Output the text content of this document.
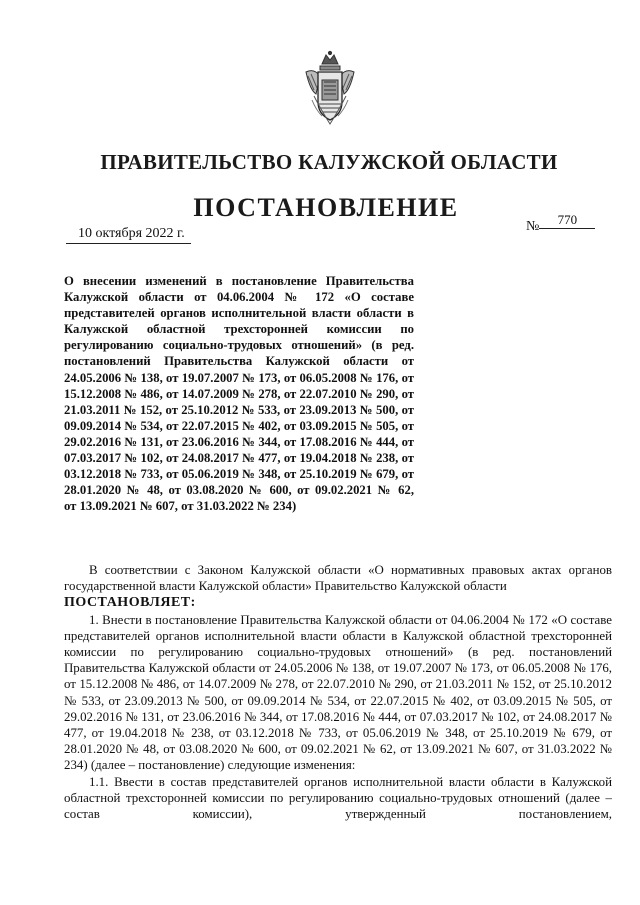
ПРАВИТЕЛЬСТВО КАЛУЖСКОЙ ОБЛАСТИ
ПОСТАНОВЛЕНИЕ
10 октября 2022 г.	№ 770
О внесении изменений в постановление Правительства Калужской области от 04.06.2004 № 172 «О составе представителей органов исполнительной власти области в Калужской областной трехсторонней комиссии по регулированию социально-трудовых отношений» (в ред. постановлений Правительства Калужской области от 24.05.2006 № 138, от 19.07.2007 № 173, от 06.05.2008 № 176, от 15.12.2008 № 486, от 14.07.2009 № 278, от 22.07.2010 № 290, от 21.03.2011 № 152, от 25.10.2012 № 533, от 23.09.2013 № 500, от 09.09.2014 № 534, от 22.07.2015 № 402, от 03.09.2015 № 505, от 29.02.2016 № 131, от 23.06.2016 № 344, от 17.08.2016 № 444, от 07.03.2017 № 102, от 24.08.2017 № 477, от 19.04.2018 № 238, от 03.12.2018 № 733, от 05.06.2019 № 348, от 25.10.2019 № 679, от 28.01.2020 № 48, от 03.08.2020 № 600, от 09.02.2021 № 62,
от 13.09.2021 № 607, от 31.03.2022 № 234)

В соответствии с Законом Калужской области «О нормативных правовых актах органов государственной власти Калужской области» Правительство Калужской области

ПОСТАНОВЛЯЕТ:

1. Внести в постановление Правительства Калужской области от 04.06.2004 № 172 «О составе представителей органов исполнительной власти области в Калужской областной трехсторонней комиссии по регулированию социально-трудовых отношений» (в ред. постановлений Правительства Калужской области от 24.05.2006 № 138, от 19.07.2007 № 173, от 06.05.2008 № 176, от 15.12.2008 № 486, от 14.07.2009 № 278, от 22.07.2010 № 290, от 21.03.2011 № 152, от 25.10.2012 № 533, от 23.09.2013 № 500, от 09.09.2014 № 534, от 22.07.2015 № 402, от 03.09.2015 № 505, от 29.02.2016 № 131, от 23.06.2016 № 344, от 17.08.2016 № 444, от 07.03.2017 № 102, от 24.08.2017 № 477, от 19.04.2018 № 238, от 03.12.2018 № 733, от 05.06.2019 № 348, от 25.10.2019 № 679, от 28.01.2020 № 48, от 03.08.2020 № 600, от 09.02.2021 № 62, от 13.09.2021 № 607, от 31.03.2022 № 234) (далее – постановление) следующие изменения:

1.1. Ввести в состав представителей органов исполнительной власти области в Калужской областной трехсторонней комиссии по регулированию социально-трудовых отношений (далее – состав комиссии), утвержденный постановлением,
